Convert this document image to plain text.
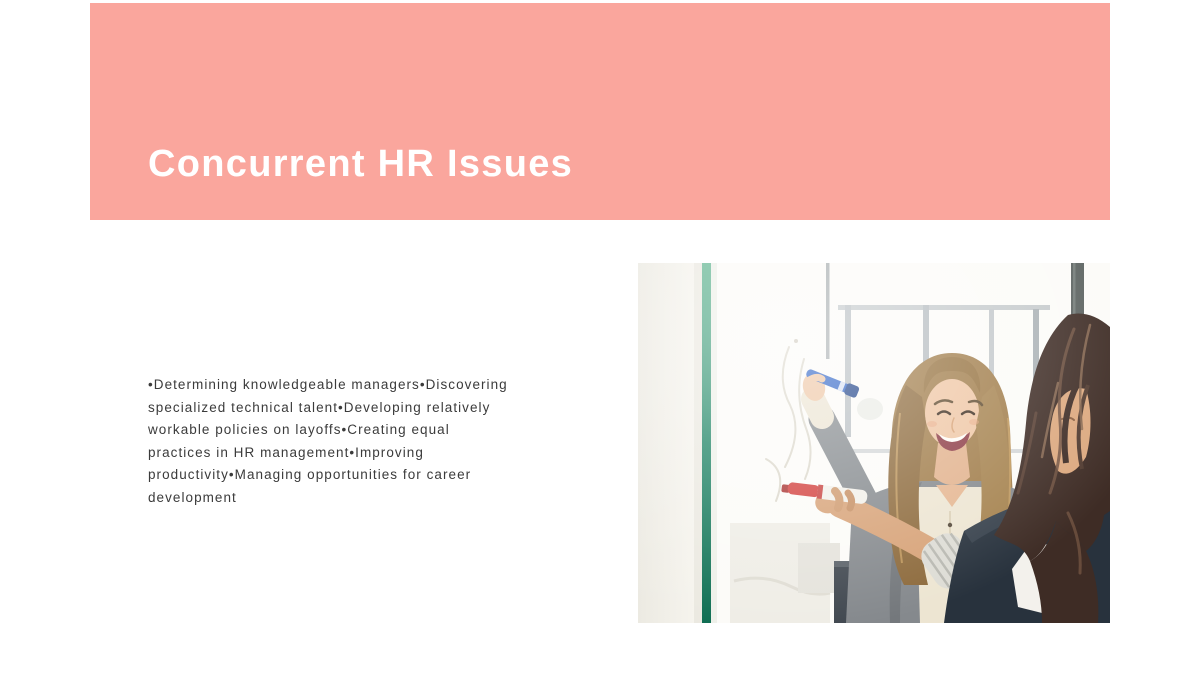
Concurrent HR Issues

•Determining knowledgeable managers•Discovering

specialized technical talent•Developing relatively

workable policies on layoffs•Creating equal

practices in HR management•Improving

productivity•Managing opportunities for career

development
